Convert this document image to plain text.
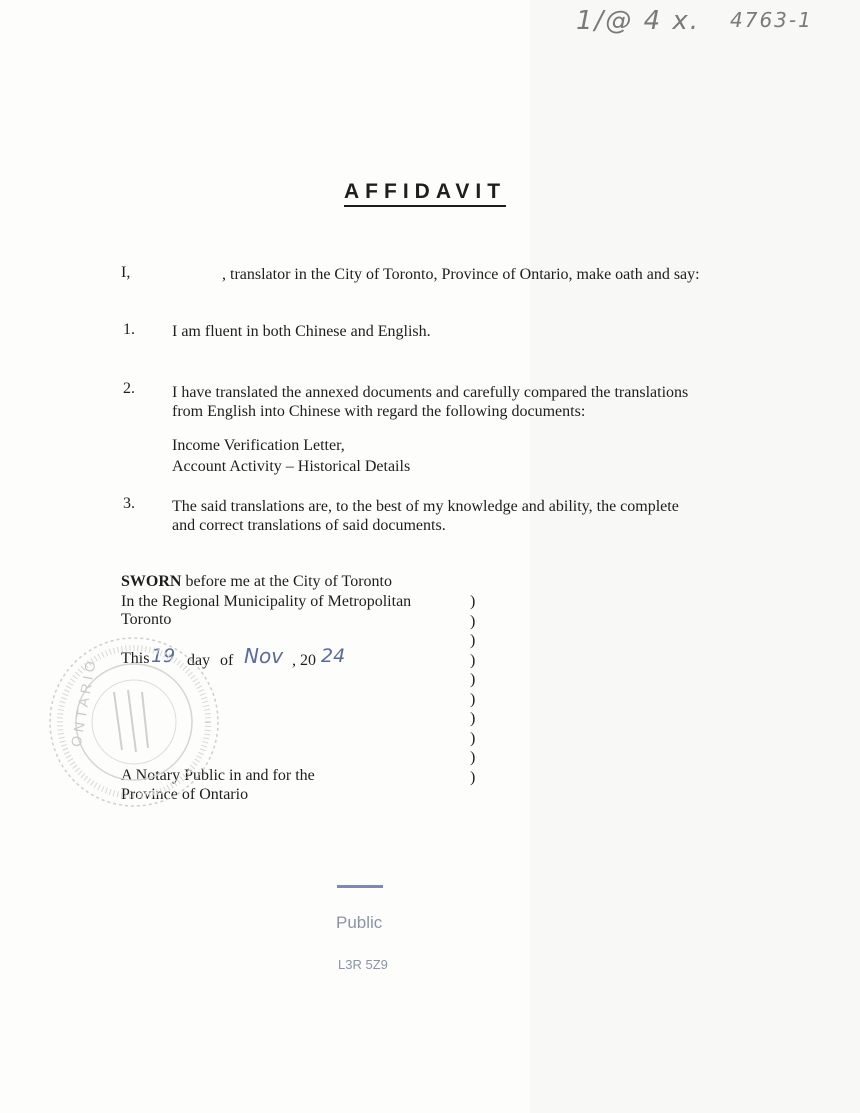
1/@ 4 x. 4763-1
AFFIDAVIT
I,	, translator in the City of Toronto, Province of Ontario, make oath and say:
1. I am fluent in both Chinese and English.
2. I have translated the annexed documents and carefully compared the translations
from English into Chinese with regard the following documents:
Income Verification Letter,
Account Activity – Historical Details
3. The said translations are, to the best of my knowledge and ability, the complete
and correct translations of said documents.
SWORN before me at the City of Toronto
In the Regional Municipality of Metropolitan
Toronto
This 19 day of Nov , 20 24
A Notary Public in and for the
Province of Ontario
)
)
)
)
)
)
)
)
)
)
ONTARIO
Public
L3R 5Z9
